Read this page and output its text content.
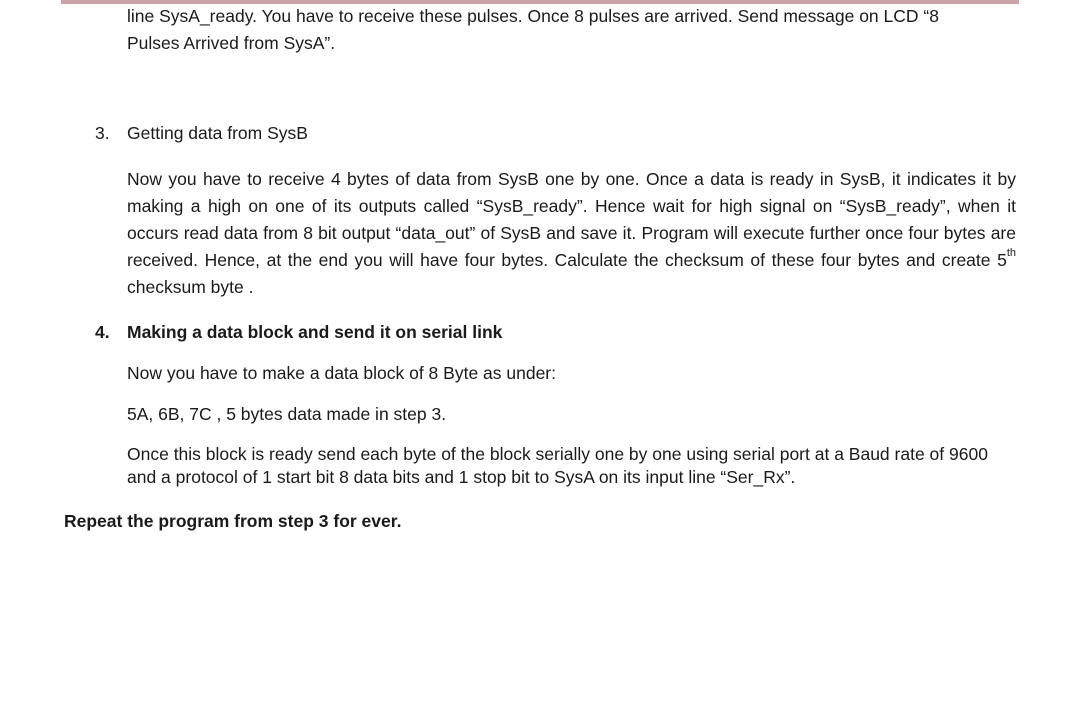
line SysA_ready. You have to receive these pulses. Once 8 pulses are arrived. Send message on LCD “8
Pulses Arrived from SysA”.
3. Getting data from SysB

Now you have to receive 4 bytes of data from SysB one by one. Once a data is ready in SysB, it indicates it by making a high on one of its outputs called “SysB_ready”. Hence wait for high signal on “SysB_ready”, when it occurs read data from 8 bit output “data_out” of SysB and save it. Program will execute further once four bytes are received. Hence, at the end you will have four bytes. Calculate the checksum of these four bytes and create 5th checksum byte .

4. Making a data block and send it on serial link

Now you have to make a data block of 8 Byte as under:

5A, 6B, 7C , 5 bytes data made in step 3.

Once this block is ready send each byte of the block serially one by one using serial port at a Baud rate of 9600 and a protocol of 1 start bit 8 data bits and 1 stop bit to SysA on its input line “Ser_Rx”.

Repeat the program from step 3 for ever.
